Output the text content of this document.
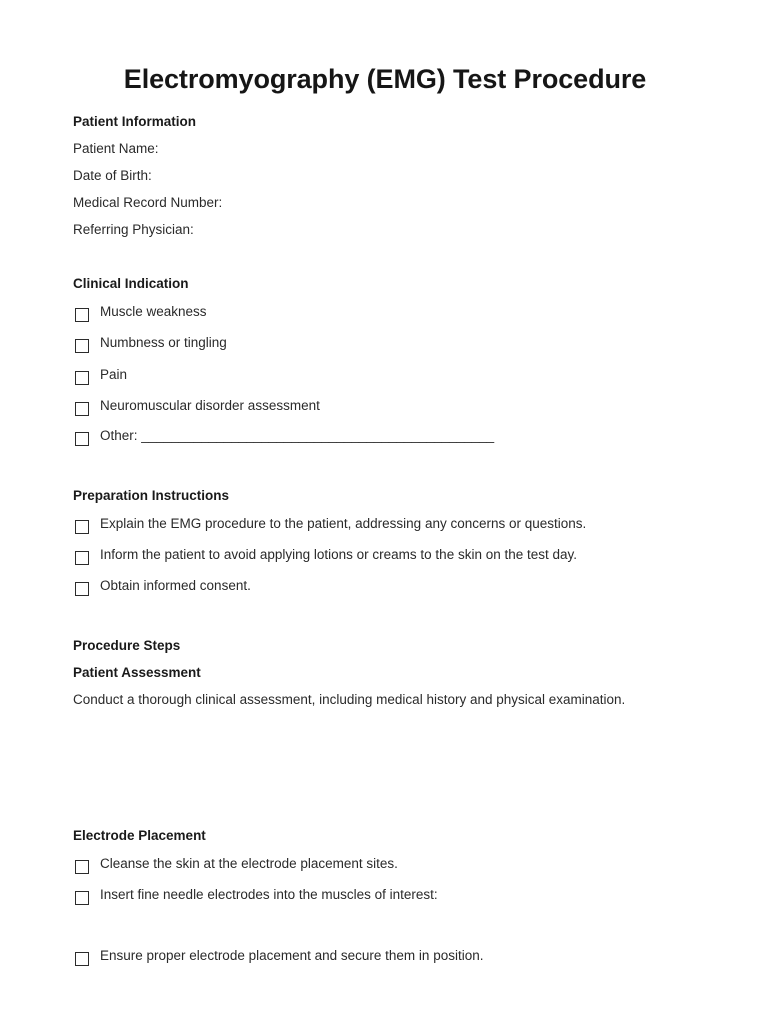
Electromyography (EMG) Test Procedure
Patient Information
Patient Name:
Date of Birth:
Medical Record Number:
Referring Physician:
Clinical Indication
Muscle weakness
Numbness or tingling
Pain
Neuromuscular disorder assessment
Other: _______________________________________________
Preparation Instructions
Explain the EMG procedure to the patient, addressing any concerns or questions.
Inform the patient to avoid applying lotions or creams to the skin on the test day.
Obtain informed consent.
Procedure Steps
Patient Assessment
Conduct a thorough clinical assessment, including medical history and physical examination.
Electrode Placement
Cleanse the skin at the electrode placement sites.
Insert fine needle electrodes into the muscles of interest:
Ensure proper electrode placement and secure them in position.
